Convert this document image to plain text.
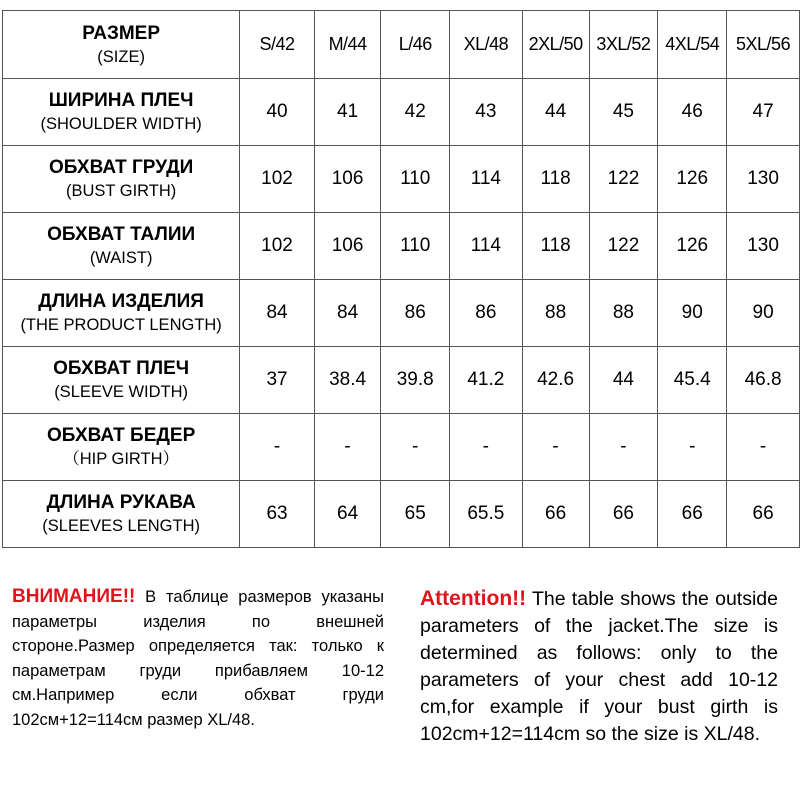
РАЗМЕР
(SIZE)	S/42	M/44	L/46	XL/48	2XL/50	3XL/52	4XL/54	5XL/56

ШИРИНА ПЛЕЧ
(SHOULDER WIDTH)	40	41	42	43	44	45	46	47

ОБХВАТ ГРУДИ
(BUST GIRTH)	102	106	110	114	118	122	126	130

ОБХВАТ ТАЛИИ
(WAIST)	102	106	110	114	118	122	126	130

ДЛИНА ИЗДЕЛИЯ
(THE PRODUCT LENGTH)	84	84	86	86	88	88	90	90

ОБХВАТ ПЛЕЧ
(SLEEVE WIDTH)	37	38.4	39.8	41.2	42.6	44	45.4	46.8

ОБХВАТ БЕДЕР
（HIP GIRTH）	-	-	-	-	-	-	-	-

ДЛИНА РУКАВА
(SLEEVES LENGTH)	63	64	65	65.5	66	66	66	66
ВНИМАНИЕ!! В таблице размеров указаны параметры изделия по внешней стороне.Размер определяется так: только к параметрам груди прибавляем 10-12 см.Например если обхват груди 102см+12=114см размер XL/48.
Attention!! The table shows the outside parameters of the jacket.The size is determined as follows: only to the parameters of your chest add 10-12 cm,for example if your bust girth is 102cm+12=114cm so the size is XL/48.
